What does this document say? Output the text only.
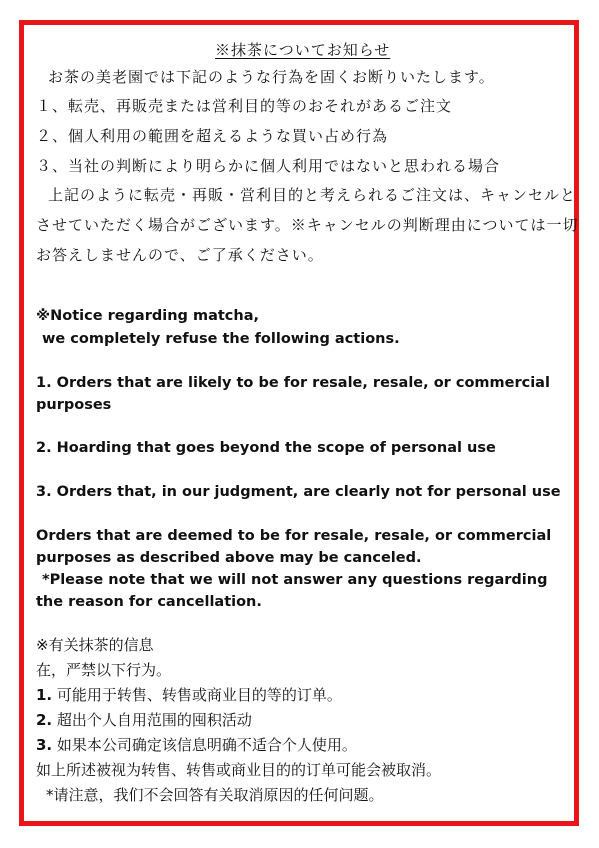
※抹茶についてお知らせ
お茶の美老園では下記のような行為を固くお断りいたします。
１、転売、再販売または営利目的等のおそれがあるご注文
２、個人利用の範囲を超えるような買い占め行為
３、当社の判断により明らかに個人利用ではないと思われる場合
上記のように転売・再販・営利目的と考えられるご注文は、キャンセルと
させていただく場合がございます。※キャンセルの判断理由については一切
お答えしませんので、ご了承ください。
※Notice regarding matcha,
we completely refuse the following actions.
1. Orders that are likely to be for resale, resale, or commercial
purposes
2. Hoarding that goes beyond the scope of personal use
3. Orders that, in our judgment, are clearly not for personal use
Orders that are deemed to be for resale, resale, or commercial
purposes as described above may be canceled.
*Please note that we will not answer any questions regarding
the reason for cancellation.
※有关抹茶的信息
在，严禁以下行为。
1. 可能用于转售、转售或商业目的等的订单。
2. 超出个人自用范围的囤积活动
3. 如果本公司确定该信息明确不适合个人使用。
如上所述被视为转售、转售或商业目的的订单可能会被取消。
*请注意，我们不会回答有关取消原因的任何问题。
